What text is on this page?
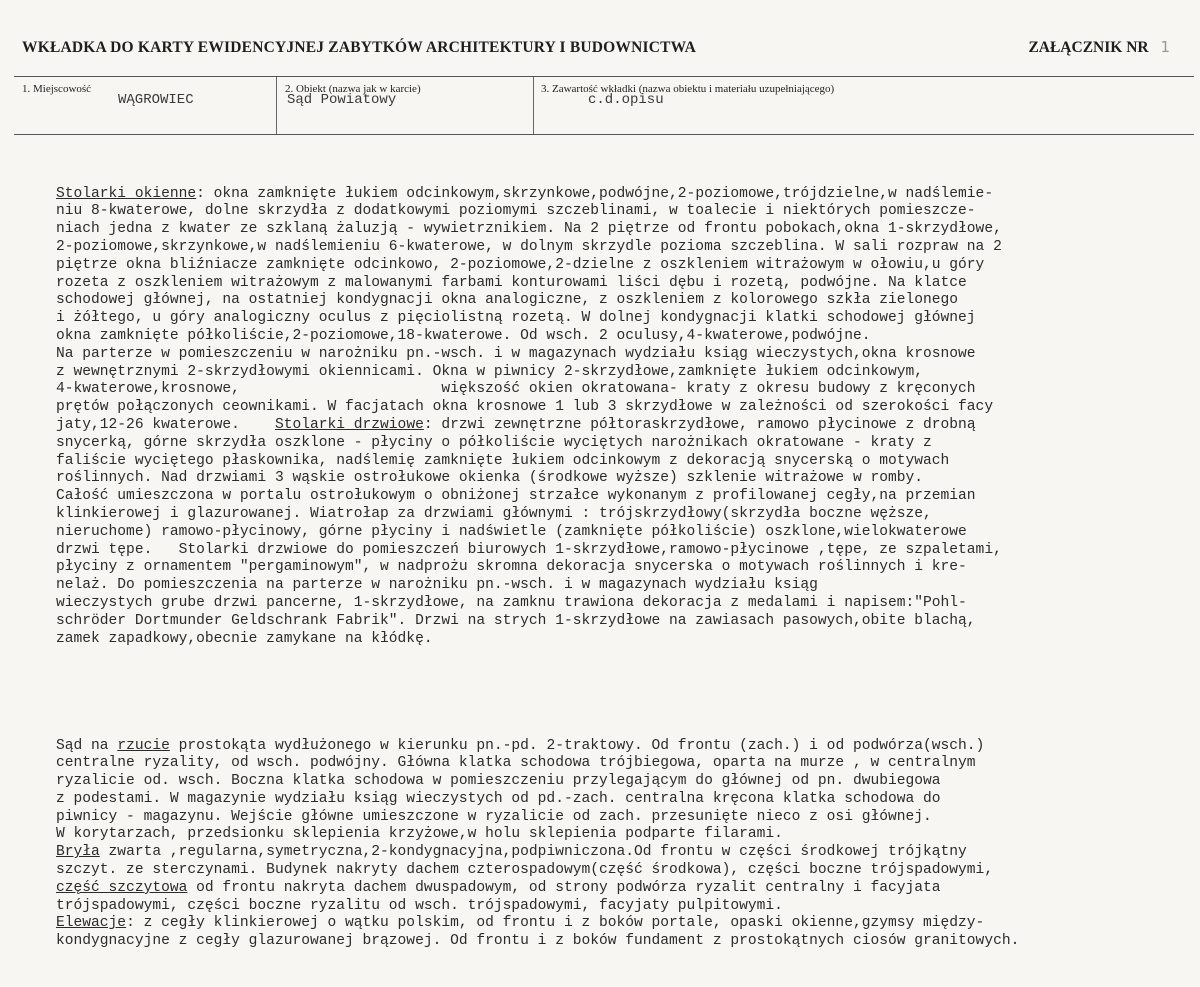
WKŁADKA DO KARTY EWIDENCYJNEJ ZABYTKÓW ARCHITEKTURY I BUDOWNICTWA	ZAŁĄCZNIK NR 1
1. Miejscowość
WĄGROWIEC
2. Obiekt (nazwa jak w karcie)
Sąd Powiatowy
3. Zawartość wkładki (nazwa obiektu i materiału uzupełniającego)
c.d.opisu

Stolarki okienne: okna zamknięte łukiem odcinkowym,skrzynkowe,podwójne,2-poziomowe,trójdzielne,w nadślemie-
niu 8-kwaterowe, dolne skrzydła z dodatkowymi poziomymi szczeblinami, w toalecie i niektórych pomieszcze-
niach jedna z kwater ze szklaną żaluzją - wywietrznikiem. Na 2 piętrze od frontu pobokach,okna 1-skrzydłowe,
2-poziomowe,skrzynkowe,w nadślemieniu 6-kwaterowe, w dolnym skrzydle pozioma szczeblina. W sali rozpraw na 2
piętrze okna bliźniacze zamknięte odcinkowo, 2-poziomowe,2-dzielne z oszkleniem witrażowym w ołowiu,u góry
rozeta z oszkleniem witrażowym z malowanymi farbami konturowami liści dębu i rozetą, podwójne. Na klatce
schodowej głównej, na ostatniej kondygnacji okna analogiczne, z oszkleniem z kolorowego szkła zielonego
i żółtego, u góry analogiczny oculus z pięciolistną rozetą. W dolnej kondygnacji klatki schodowej głównej
okna zamknięte półkoliście,2-poziomowe,18-kwaterowe. Od wsch. 2 oculusy,4-kwaterowe,podwójne.
Na parterze w pomieszczeniu w narożniku pn.-wsch. i w magazynach wydziału ksiąg wieczystych,okna krosnowe
z wewnętrznymi 2-skrzydłowymi okiennicami. Okna w piwnicy 2-skrzydłowe,zamknięte łukiem odcinkowym,
4-kwaterowe,krosnowe,                       większość okien okratowana- kraty z okresu budowy z kręconych
prętów połączonych ceownikami. W facjatach okna krosnowe 1 lub 3 skrzydłowe w zależności od szerokości facy
jaty,12-26 kwaterowe.    Stolarki drzwiowe: drzwi zewnętrzne półtoraskrzydłowe, ramowo płycinowe z drobną
snycerką, górne skrzydła oszklone - płyciny o półkoliście wyciętych narożnikach okratowane - kraty z
faliście wyciętego płaskownika, nadślemię zamknięte łukiem odcinkowym z dekoracją snycerską o motywach
roślinnych. Nad drzwiami 3 wąskie ostrołukowe okienka (środkowe wyższe) szklenie witrażowe w romby.
Całość umieszczona w portalu ostrołukowym o obniżonej strzałce wykonanym z profilowanej cegły,na przemian
klinkierowej i glazurowanej. Wiatrołap za drzwiami głównymi : trójskrzydłowy(skrzydła boczne węższe,
nieruchome) ramowo-płycinowy, górne płyciny i nadświetle (zamknięte półkoliście) oszklone,wielokwaterowe
drzwi tępe.   Stolarki drzwiowe do pomieszczeń biurowych 1-skrzydłowe,ramowo-płycinowe ,tępe, ze szpaletami,
płyciny z ornamentem "pergaminowym", w nadprożu skromna dekoracja snycerska o motywach roślinnych i kre-
nelaż. Do pomieszczenia na parterze w narożniku pn.-wsch. i w magazynach wydziału ksiąg
wieczystych grube drzwi pancerne, 1-skrzydłowe, na zamknu trawiona dekoracja z medalami i napisem:"Pohl-
schröder Dortmunder Geldschrank Fabrik". Drzwi na strych 1-skrzydłowe na zawiasach pasowych,obite blachą,
zamek zapadkowy,obecnie zamykane na kłódkę.

Sąd na rzucie prostokąta wydłużonego w kierunku pn.-pd. 2-traktowy. Od frontu (zach.) i od podwórza(wsch.)
centralne ryzality, od wsch. podwójny. Główna klatka schodowa trójbiegowa, oparta na murze , w centralnym
ryzalicie od. wsch. Boczna klatka schodowa w pomieszczeniu przylegającym do głównej od pn. dwubiegowa
z podestami. W magazynie wydziału ksiąg wieczystych od pd.-zach. centralna kręcona klatka schodowa do
piwnicy - magazynu. Wejście główne umieszczone w ryzalicie od zach. przesunięte nieco z osi głównej.
W korytarzach, przedsionku sklepienia krzyżowe,w holu sklepienia podparte filarami.
Bryła zwarta ,regularna,symetryczna,2-kondygnacyjna,podpiwniczona.Od frontu w części środkowej trójkątny
szczyt. ze sterczynami. Budynek nakryty dachem czterospadowym(część środkowa), części boczne trójspadowymi,
część szczytowa od frontu nakryta dachem dwuspadowym, od strony podwórza ryzalit centralny i facyjata
trójspadowymi, części boczne ryzalitu od wsch. trójspadowymi, facyjaty pulpitowymi.
Elewacje: z cegły klinkierowej o wątku polskim, od frontu i z boków portale, opaski okienne,gzymsy między-
kondygnacyjne z cegły glazurowanej brązowej. Od frontu i z boków fundament z prostokątnych ciosów granitowych.
